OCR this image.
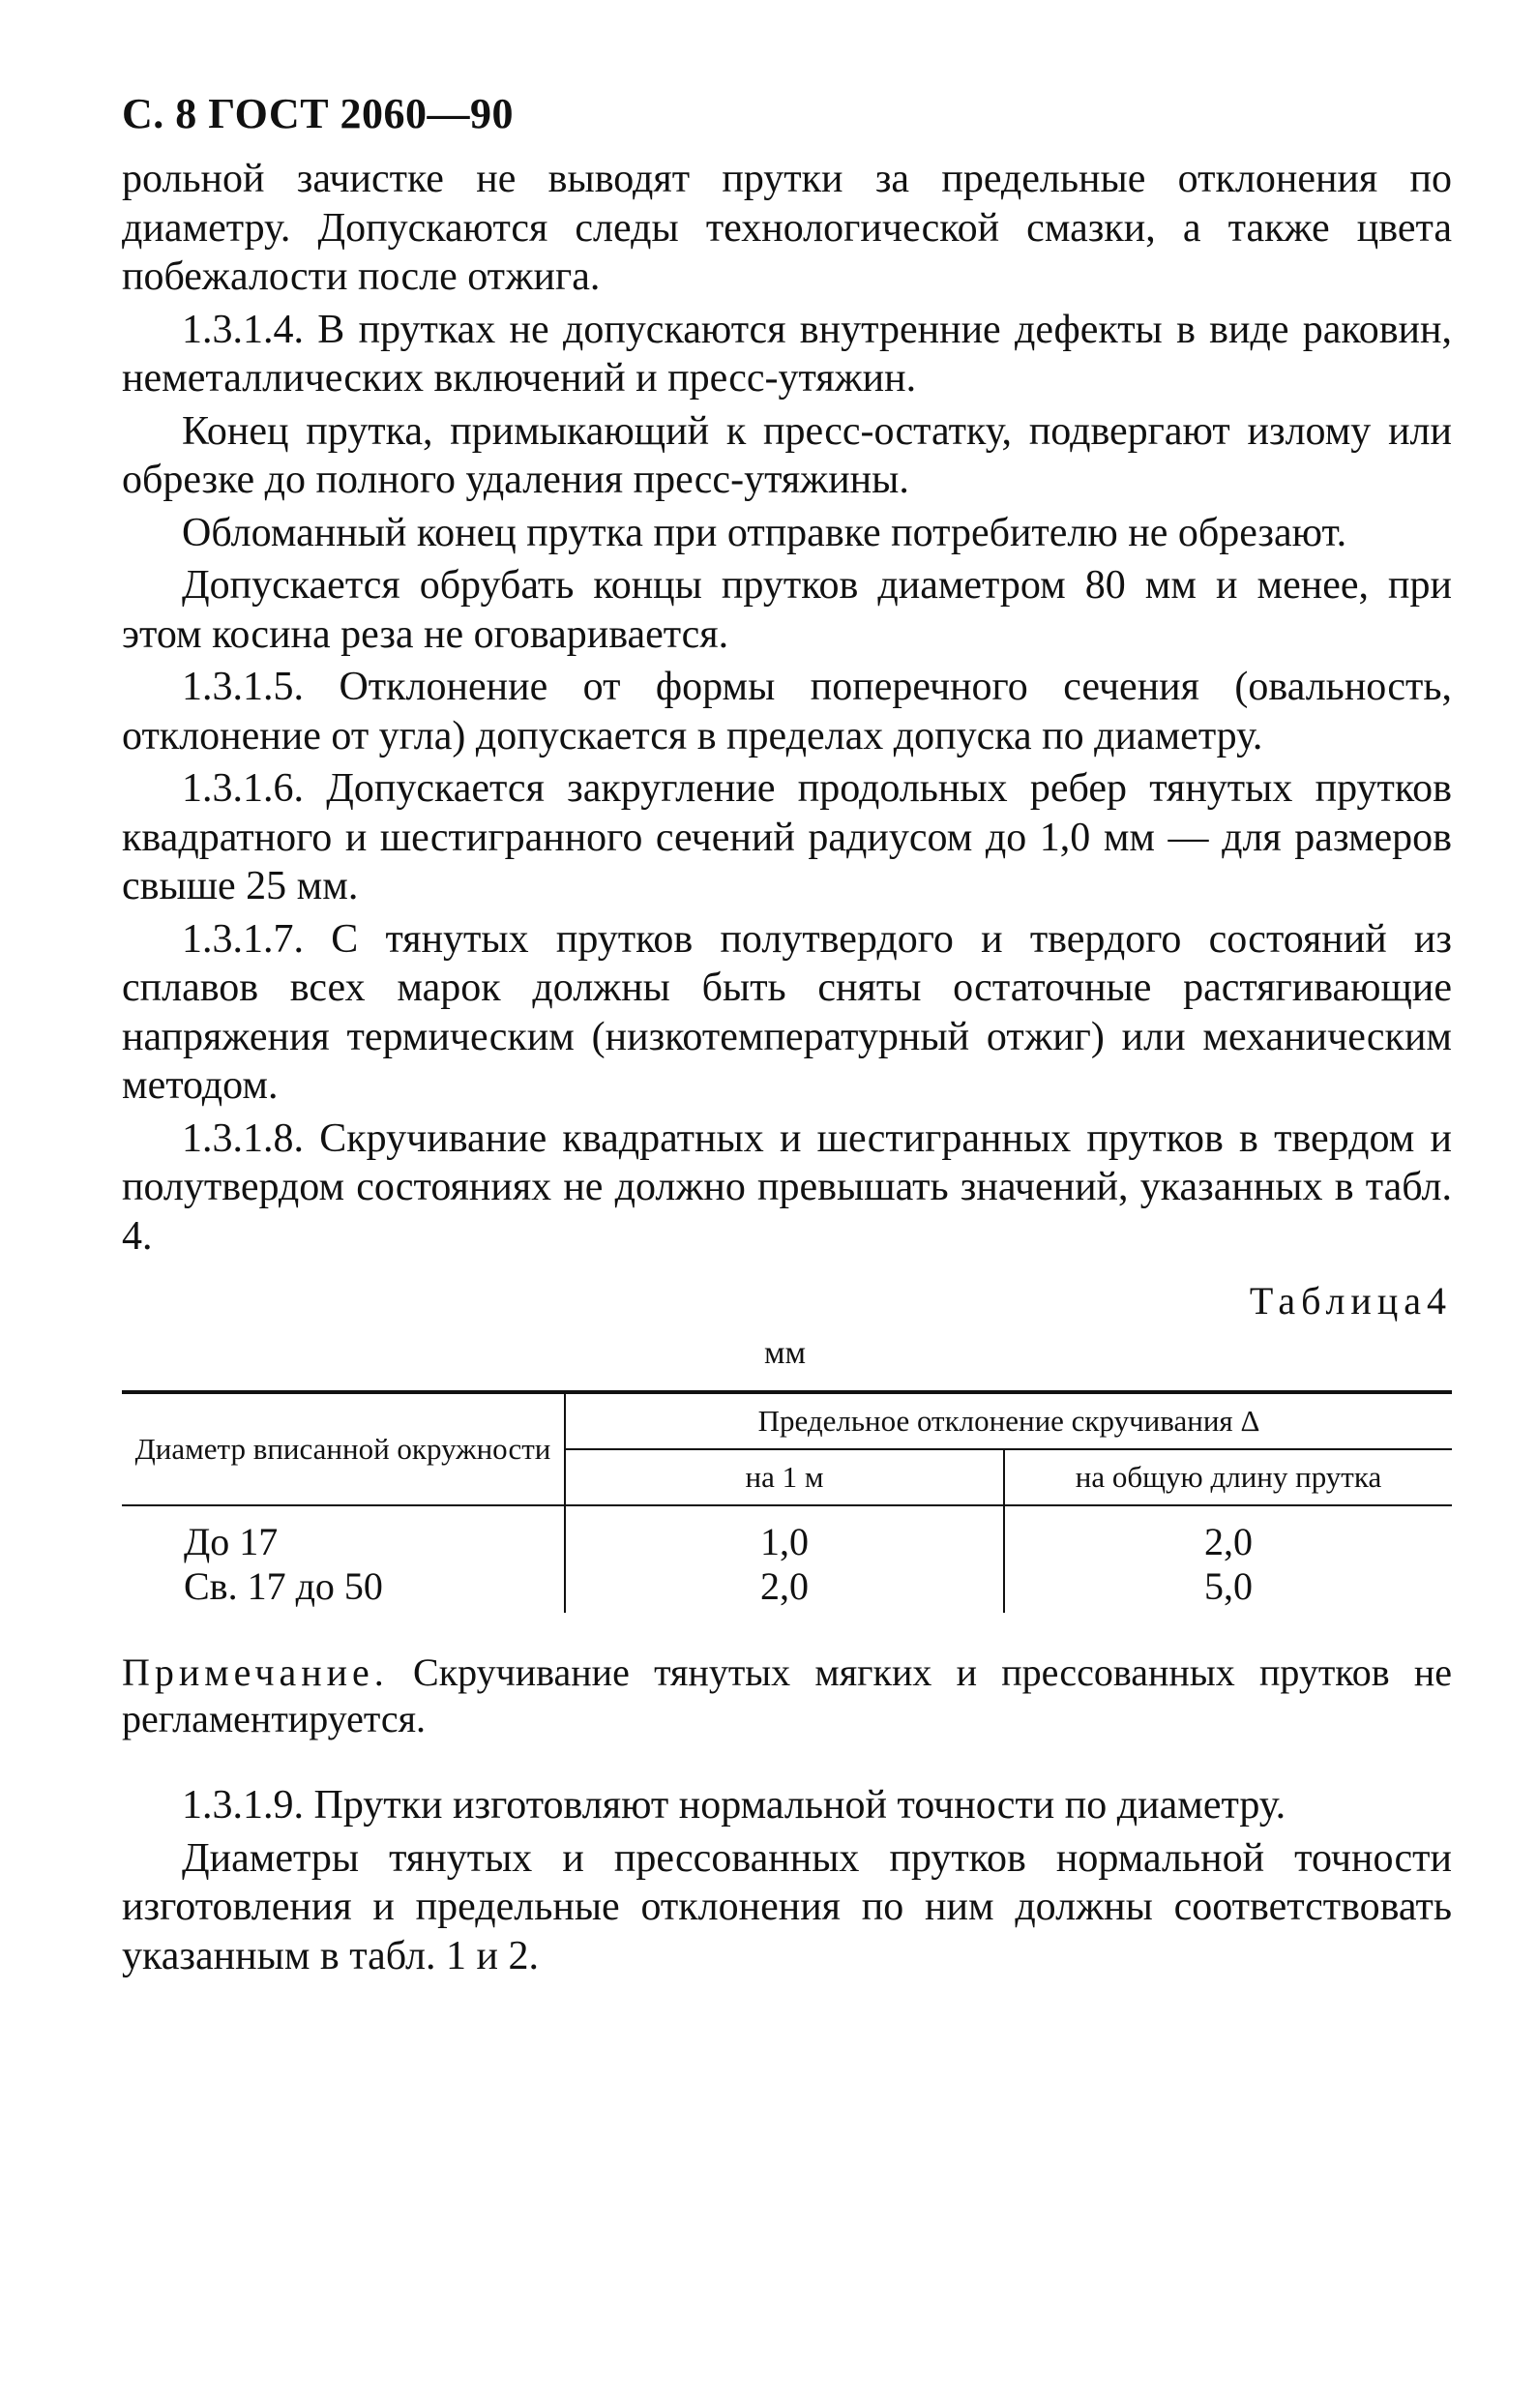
С. 8 ГОСТ 2060—90

рольной зачистке не выводят прутки за предельные отклонения по диаметру. Допускаются следы технологической смазки, а также цвета побежалости после отжига.

1.3.1.4. В прутках не допускаются внутренние дефекты в виде раковин, неметаллических включений и пресс-утяжин.

Конец прутка, примыкающий к пресс-остатку, подвергают излому или обрезке до полного удаления пресс-утяжины.

Обломанный конец прутка при отправке потребителю не обрезают.

Допускается обрубать концы прутков диаметром 80 мм и менее, при этом косина реза не оговаривается.

1.3.1.5. Отклонение от формы поперечного сечения (овальность, отклонение от угла) допускается в пределах допуска по диаметру.

1.3.1.6. Допускается закругление продольных ребер тянутых прутков квадратного и шестигранного сечений радиусом до 1,0 мм — для размеров свыше 25 мм.

1.3.1.7. С тянутых прутков полутвердого и твердого состояний из сплавов всех марок должны быть сняты остаточные растягивающие напряжения термическим (низкотемпературный отжиг) или механическим методом.

1.3.1.8. Скручивание квадратных и шестигранных прутков в твердом и полутвердом состояниях не должно превышать значений, указанных в табл. 4.

Таблица4
мм
Диаметр вписанной окружности	Предельное отклонение скручивания Δ	
	на 1 м	на общую длину прутка
До 17	1,0	2,0
Св. 17 до 50	2,0	5,0

Примечание. Скручивание тянутых мягких и прессованных прутков не регламентируется.

1.3.1.9. Прутки изготовляют нормальной точности по диаметру.

Диаметры тянутых и прессованных прутков нормальной точности изготовления и предельные отклонения по ним должны соответствовать указанным в табл. 1 и 2.
